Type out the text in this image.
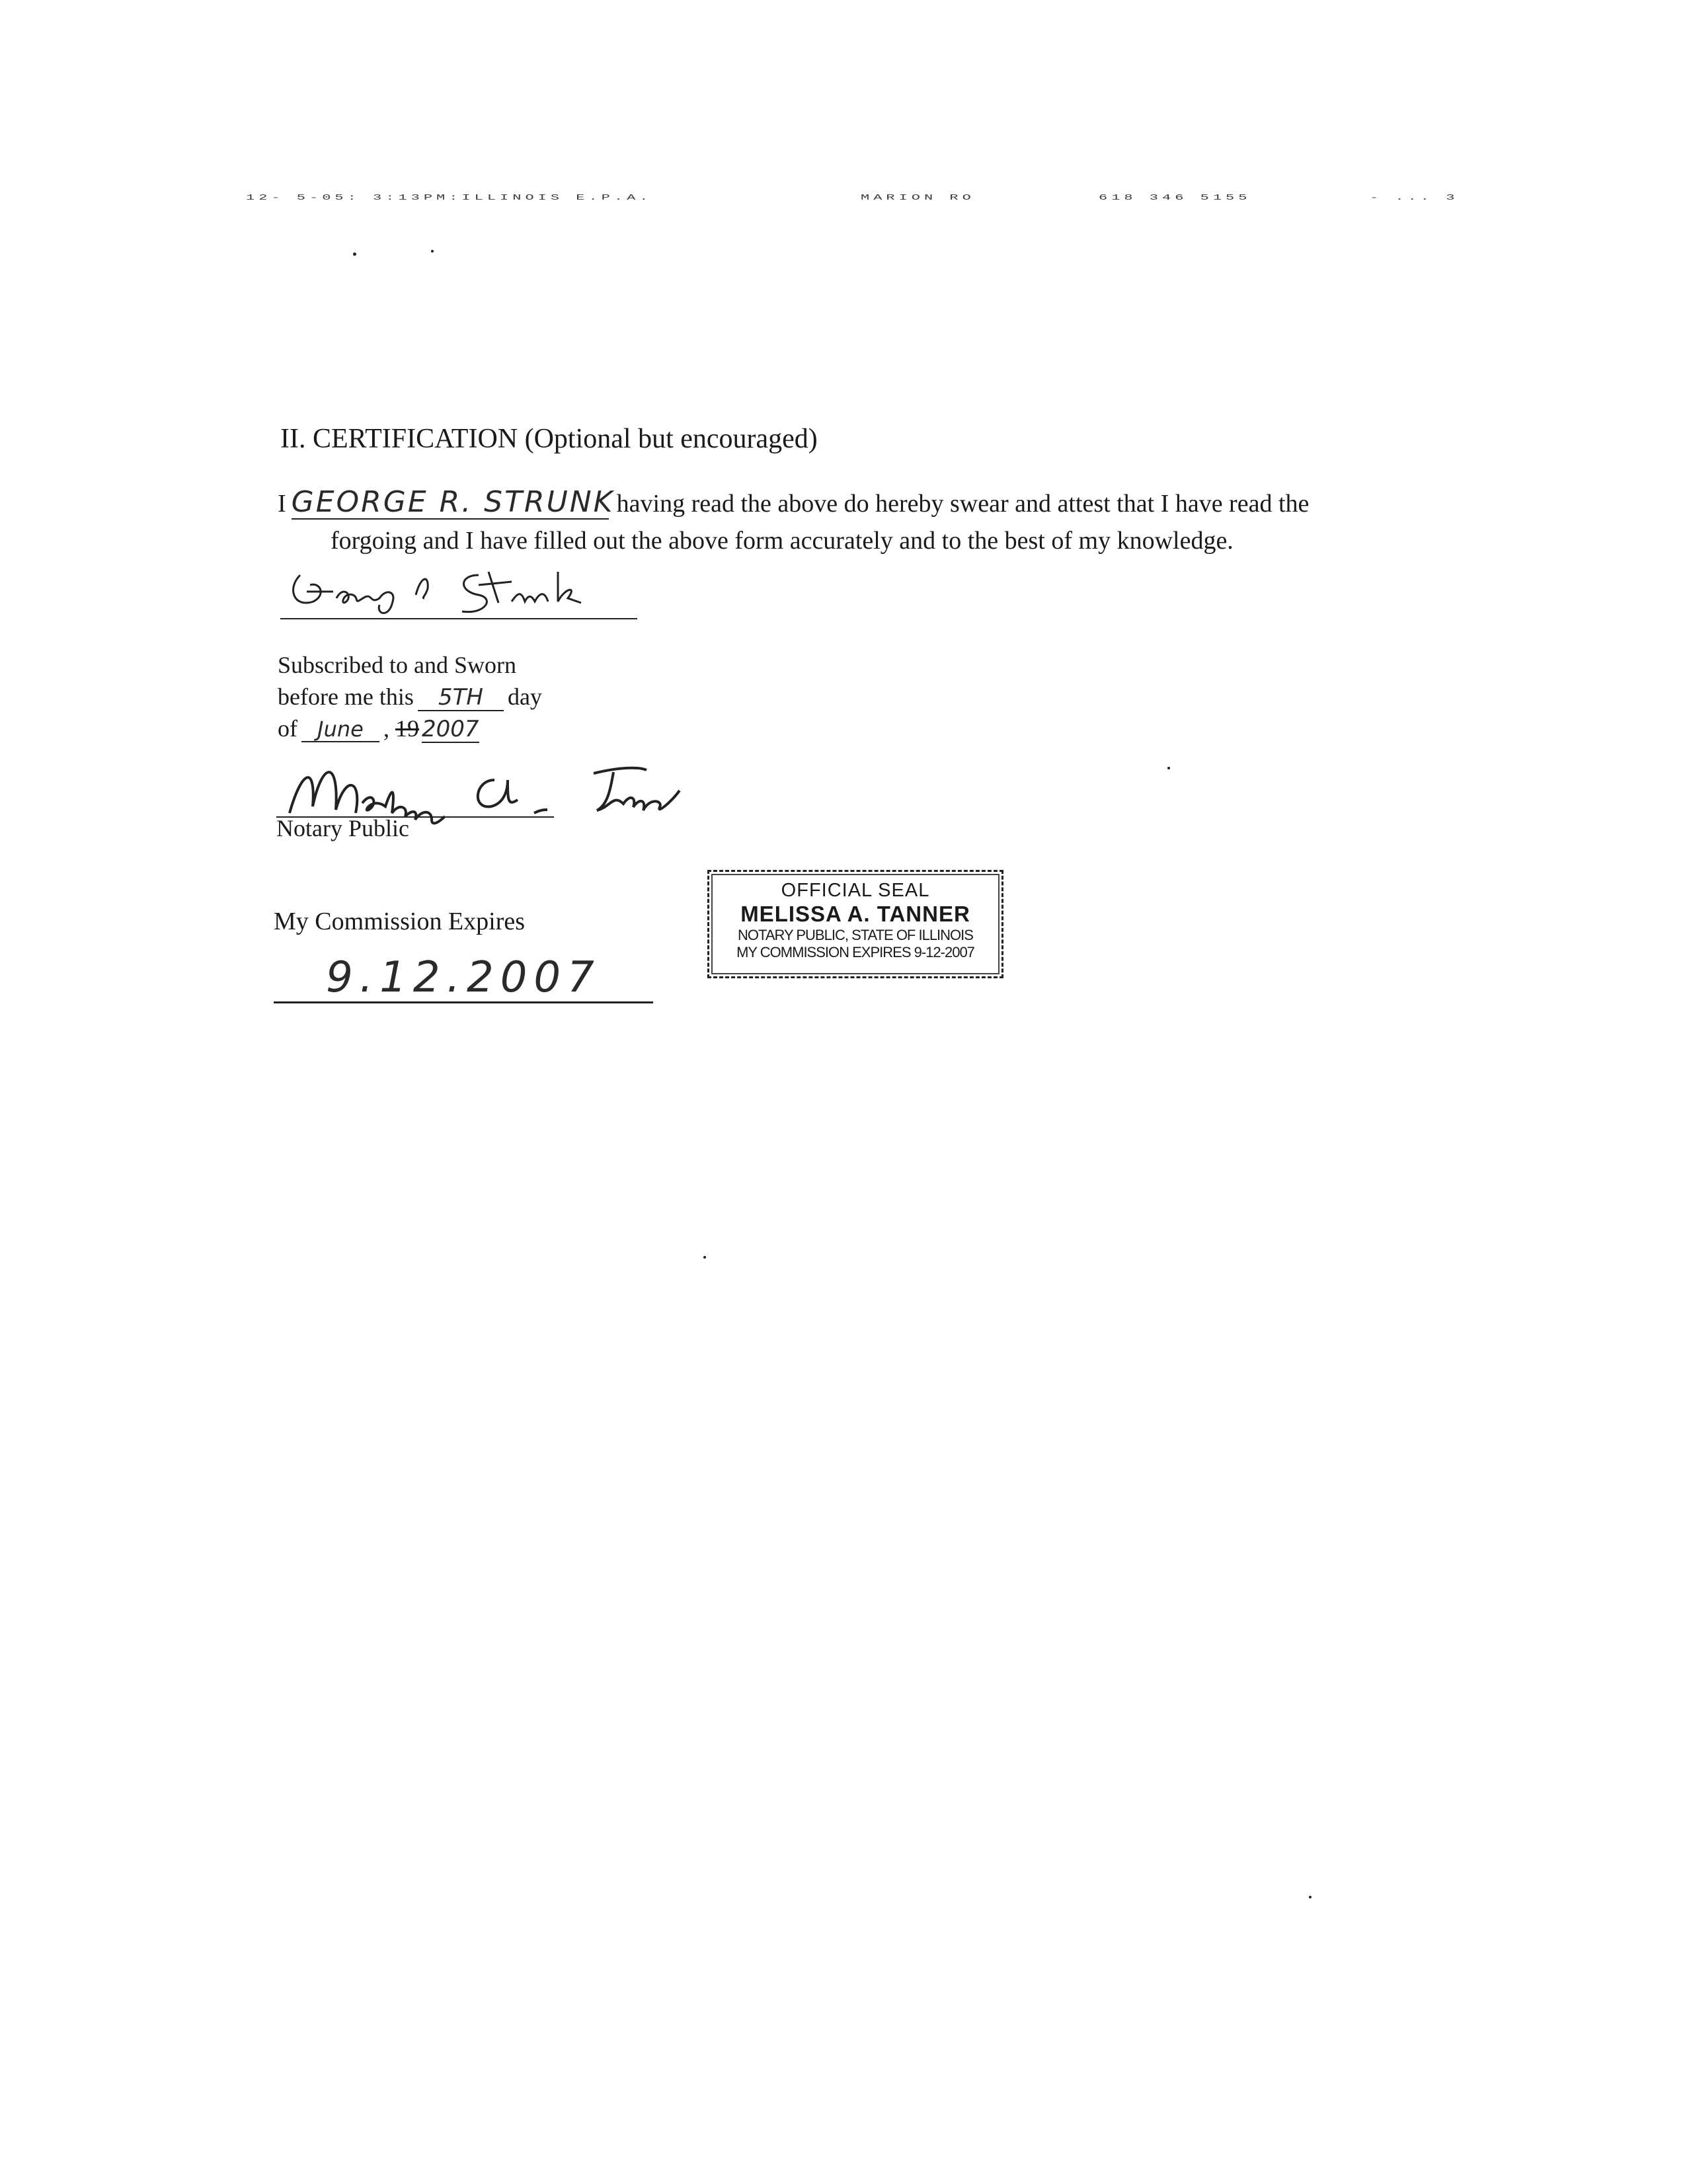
12- 5-05: 3:13PM:ILLINOIS E.P.A.	MARION RO	618 346 5155	- ... 3
II. CERTIFICATION (Optional but encouraged)
I GEORGE R. STRUNKhaving read the above do hereby swear and attest that I have read the
forgoing and I have filled out the above form accurately and to the best of my knowledge.
Subscribed to and Sworn
before me this 5TH day
of June , 19 2007
Notary Public
OFFICIAL SEAL
MELISSA A. TANNER
NOTARY PUBLIC, STATE OF ILLINOIS
MY COMMISSION EXPIRES 9-12-2007
My Commission Expires
9.12.2007
